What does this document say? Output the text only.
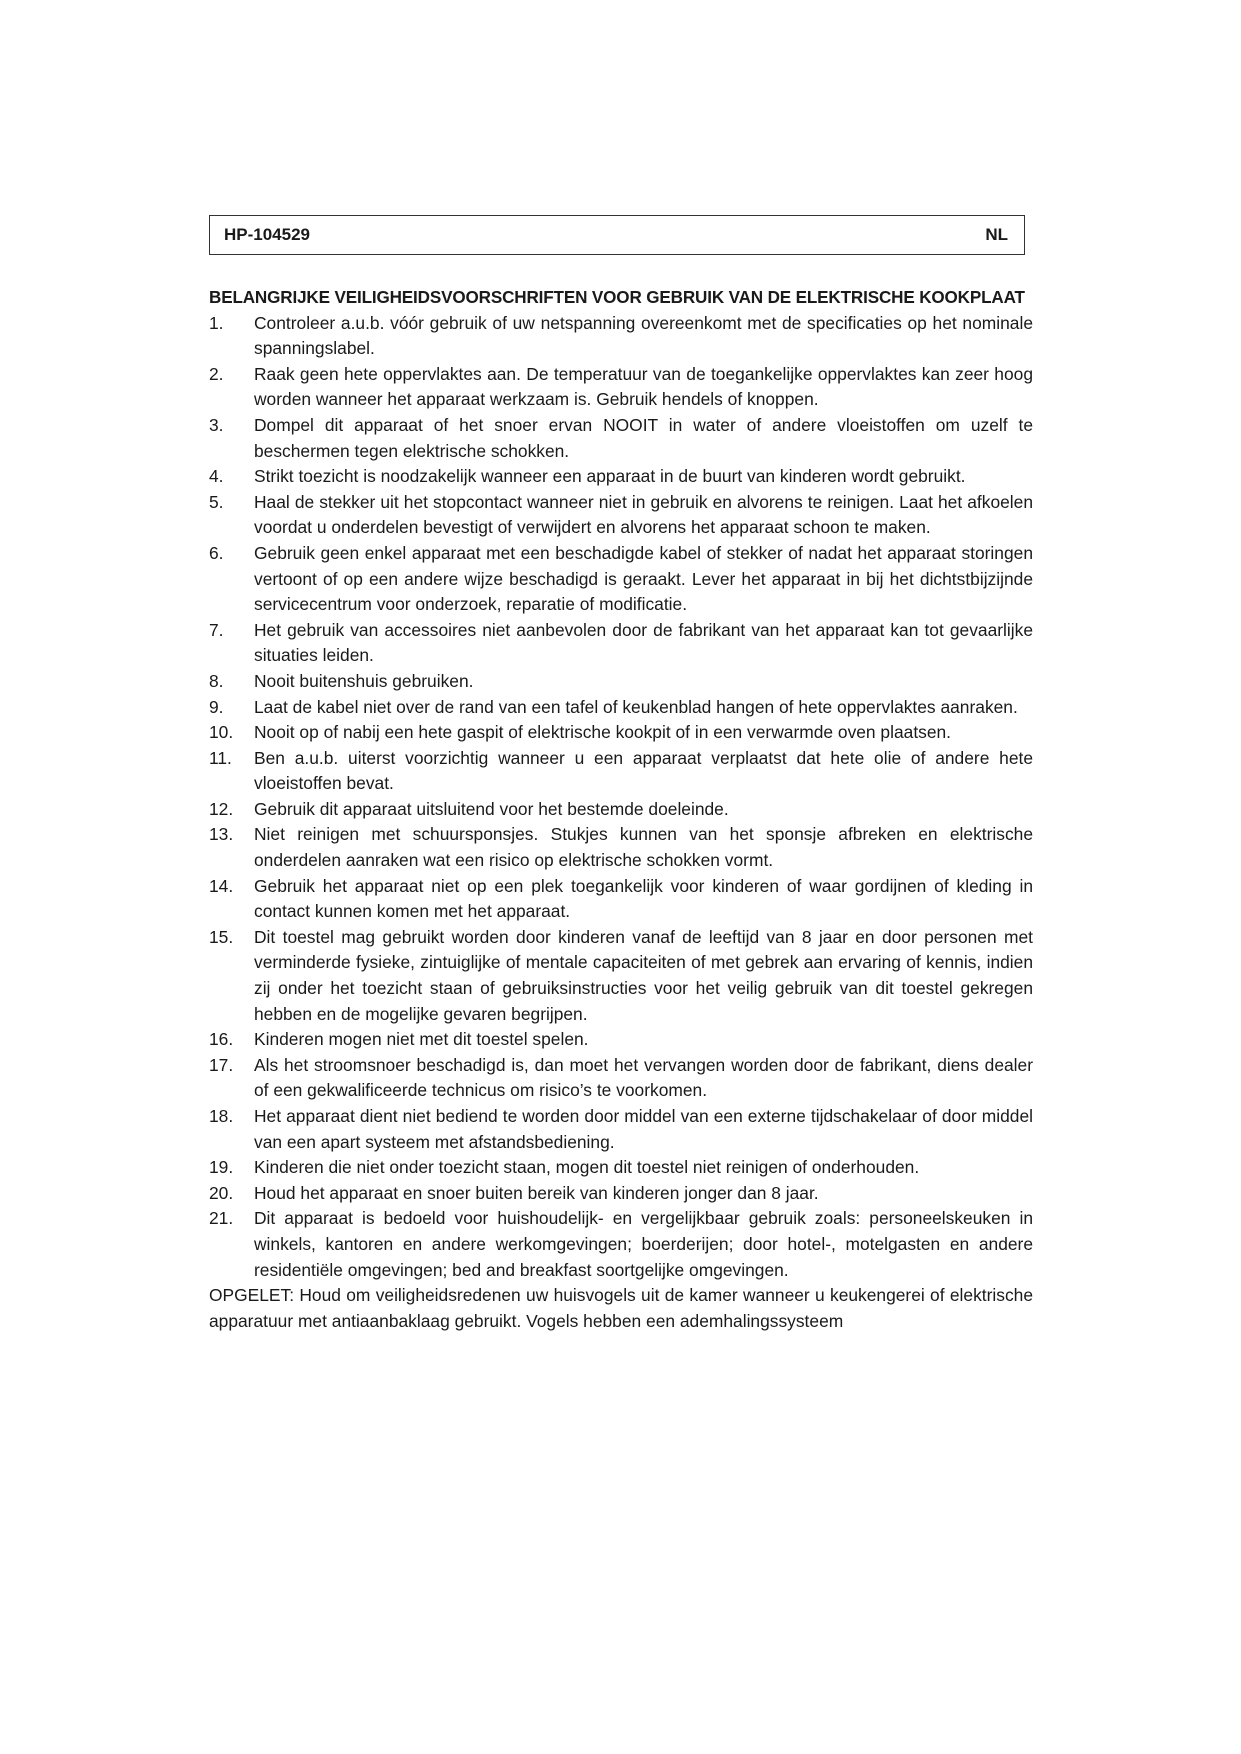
HP-104529	NL
BELANGRIJKE VEILIGHEIDSVOORSCHRIFTEN VOOR GEBRUIK VAN DE ELEKTRISCHE KOOKPLAAT
1.	Controleer a.u.b. vóór gebruik of uw netspanning overeenkomt met de specificaties op het nominale spanningslabel.
2.	Raak geen hete oppervlaktes aan. De temperatuur van de toegankelijke oppervlaktes kan zeer hoog worden wanneer het apparaat werkzaam is. Gebruik hendels of knoppen.
3.	Dompel dit apparaat of het snoer ervan NOOIT in water of andere vloeistoffen om uzelf te beschermen tegen elektrische schokken.
4.	Strikt toezicht is noodzakelijk wanneer een apparaat in de buurt van kinderen wordt gebruikt.
5.	Haal de stekker uit het stopcontact wanneer niet in gebruik en alvorens te reinigen. Laat het afkoelen voordat u onderdelen bevestigt of verwijdert en alvorens het apparaat schoon te maken.
6.	Gebruik geen enkel apparaat met een beschadigde kabel of stekker of nadat het apparaat storingen vertoont of op een andere wijze beschadigd is geraakt. Lever het apparaat in bij het dichtstbijzijnde servicecentrum voor onderzoek, reparatie of modificatie.
7.	Het gebruik van accessoires niet aanbevolen door de fabrikant van het apparaat kan tot gevaarlijke situaties leiden.
8.	Nooit buitenshuis gebruiken.
9.	Laat de kabel niet over de rand van een tafel of keukenblad hangen of hete oppervlaktes aanraken.
10.	Nooit op of nabij een hete gaspit of elektrische kookpit of in een verwarmde oven plaatsen.
11.	Ben a.u.b. uiterst voorzichtig wanneer u een apparaat verplaatst dat hete olie of andere hete vloeistoffen bevat.
12.	Gebruik dit apparaat uitsluitend voor het bestemde doeleinde.
13.	Niet reinigen met schuursponsjes. Stukjes kunnen van het sponsje afbreken en elektrische onderdelen aanraken wat een risico op elektrische schokken vormt.
14.	Gebruik het apparaat niet op een plek toegankelijk voor kinderen of waar gordijnen of kleding in contact kunnen komen met het apparaat.
15.	Dit toestel mag gebruikt worden door kinderen vanaf de leeftijd van 8 jaar en door personen met verminderde fysieke, zintuiglijke of mentale capaciteiten of met gebrek aan ervaring of kennis, indien zij onder het toezicht staan of gebruiksinstructies voor het veilig gebruik van dit toestel gekregen hebben en de mogelijke gevaren begrijpen.
16.	Kinderen mogen niet met dit toestel spelen.
17.	Als het stroomsnoer beschadigd is, dan moet het vervangen worden door de fabrikant, diens dealer of een gekwalificeerde technicus om risico’s te voorkomen.
18.	Het apparaat dient niet bediend te worden door middel van een externe tijdschakelaar of door middel van een apart systeem met afstandsbediening.
19.	Kinderen die niet onder toezicht staan, mogen dit toestel niet reinigen of onderhouden.
20.	Houd het apparaat en snoer buiten bereik van kinderen jonger dan 8 jaar.
21.	Dit apparaat is bedoeld voor huishoudelijk- en vergelijkbaar gebruik zoals: personeelskeuken in winkels, kantoren en andere werkomgevingen; boerderijen; door hotel-, motelgasten en andere residentiële omgevingen; bed and breakfast soortgelijke omgevingen.
OPGELET: Houd om veiligheidsredenen uw huisvogels uit de kamer wanneer u keukengerei of elektrische apparatuur met antiaanbaklaag gebruikt. Vogels hebben een ademhalingssysteem
